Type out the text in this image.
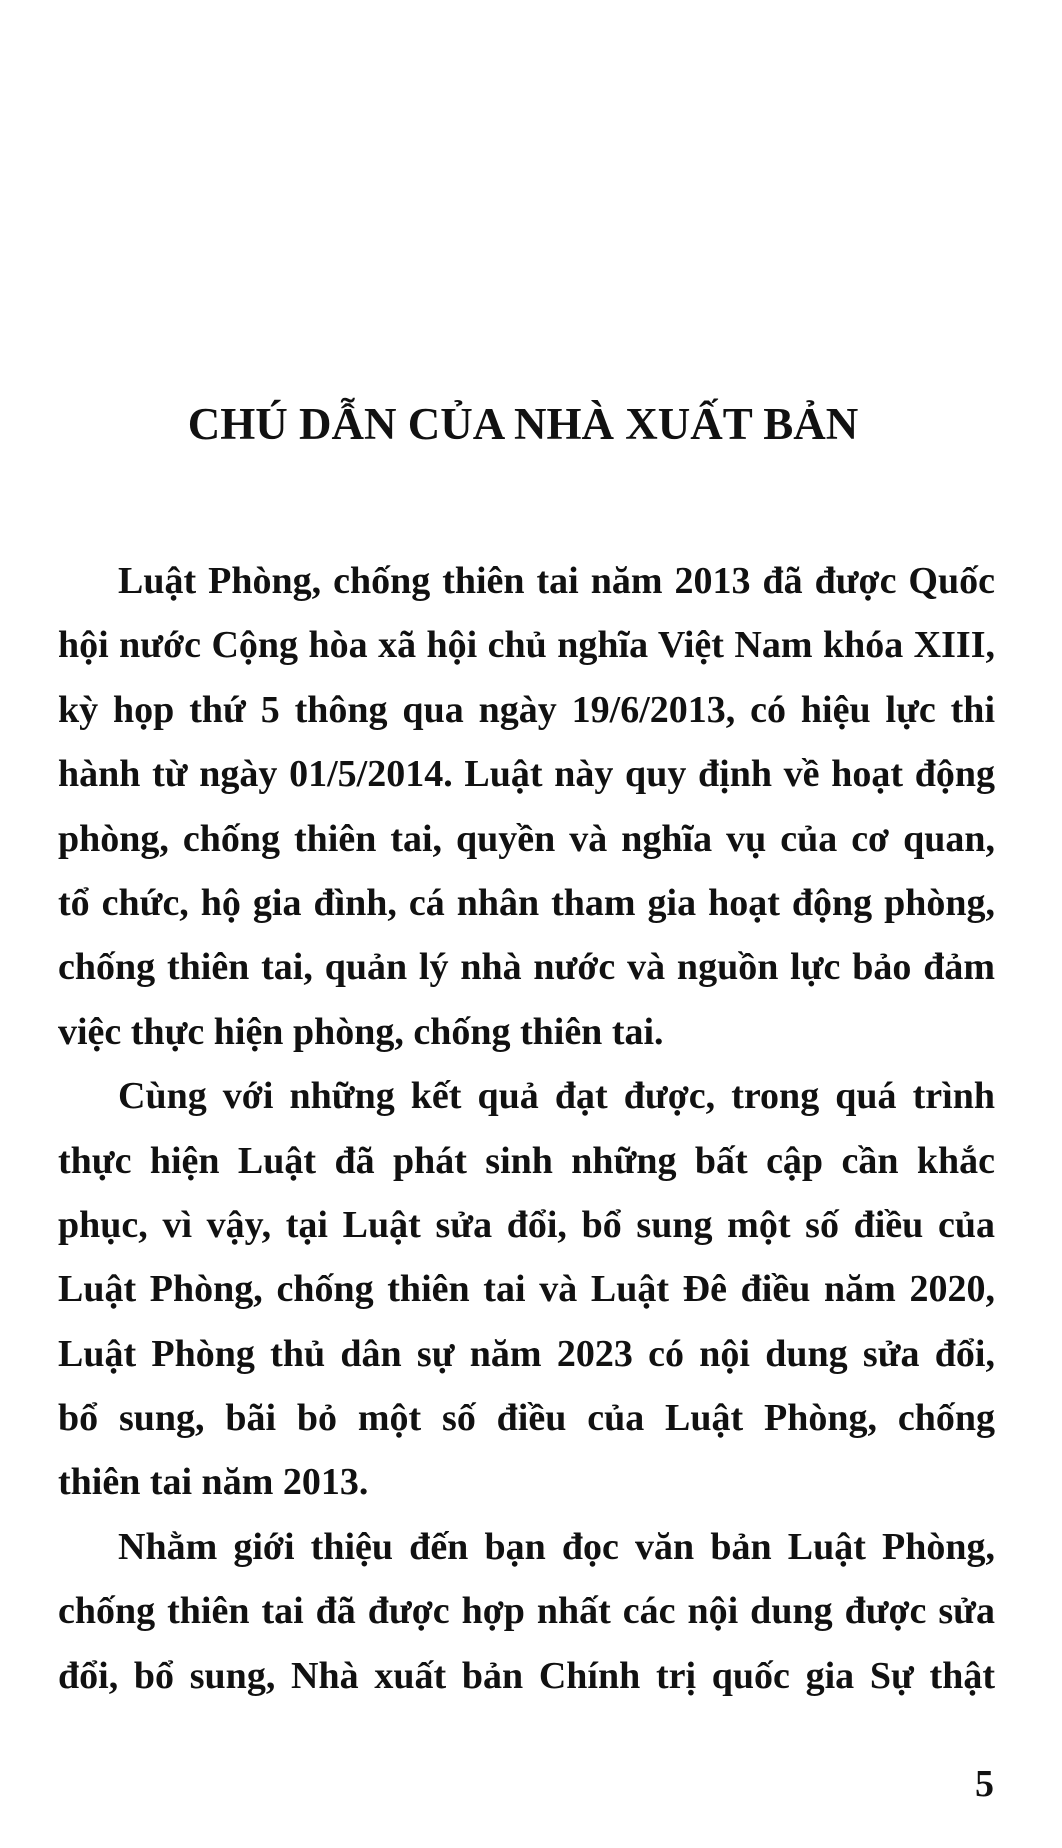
CHÚ DẪN CỦA NHÀ XUẤT BẢN
Luật Phòng, chống thiên tai năm 2013 đã được Quốc
hội nước Cộng hòa xã hội chủ nghĩa Việt Nam khóa XIII,
kỳ họp thứ 5 thông qua ngày 19/6/2013, có hiệu lực thi
hành từ ngày 01/5/2014. Luật này quy định về hoạt động
phòng, chống thiên tai, quyền và nghĩa vụ của cơ quan,
tổ chức, hộ gia đình, cá nhân tham gia hoạt động phòng,
chống thiên tai, quản lý nhà nước và nguồn lực bảo đảm
việc thực hiện phòng, chống thiên tai.
Cùng với những kết quả đạt được, trong quá trình
thực hiện Luật đã phát sinh những bất cập cần khắc
phục, vì vậy, tại Luật sửa đổi, bổ sung một số điều của
Luật Phòng, chống thiên tai và Luật Đê điều năm 2020,
Luật Phòng thủ dân sự năm 2023 có nội dung sửa đổi,
bổ sung, bãi bỏ một số điều của Luật Phòng, chống
thiên tai năm 2013.
Nhằm giới thiệu đến bạn đọc văn bản Luật Phòng,
chống thiên tai đã được hợp nhất các nội dung được sửa
đổi, bổ sung, Nhà xuất bản Chính trị quốc gia Sự thật
5
